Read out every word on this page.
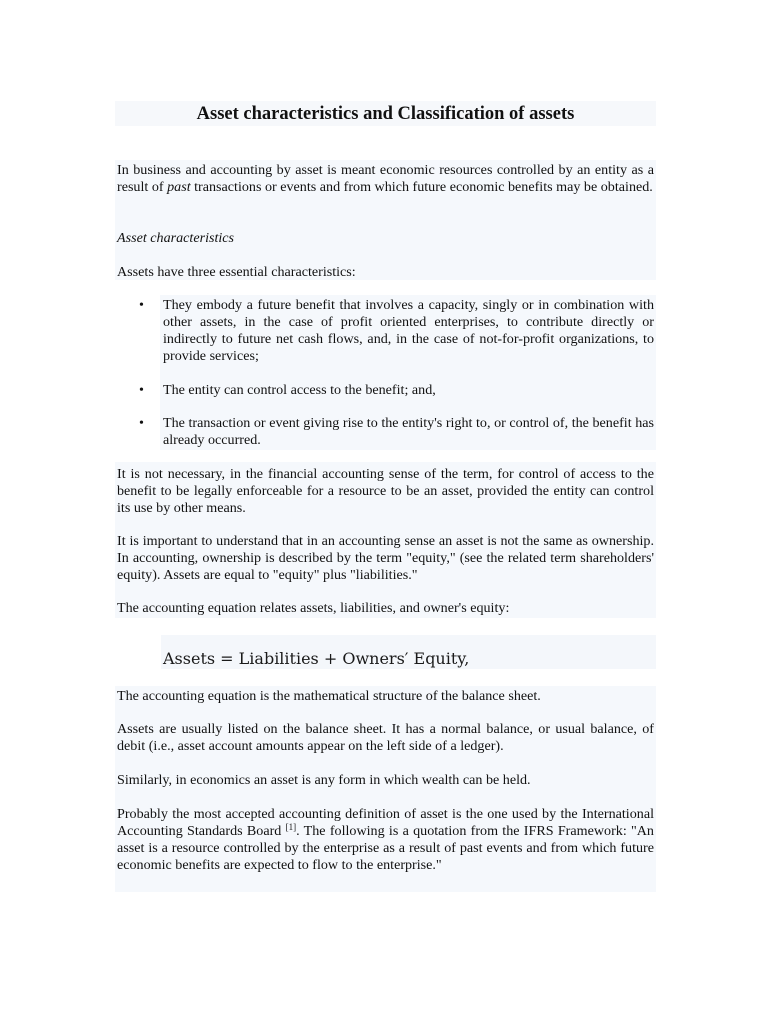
Asset characteristics and Classification of assets

In business and accounting by asset is meant economic resources controlled by an entity as a result of past transactions or events and from which future economic benefits may be obtained.

Asset characteristics

Assets have three essential characteristics:

•	They embody a future benefit that involves a capacity, singly or in combination with other assets, in the case of profit oriented enterprises, to contribute directly or indirectly to future net cash flows, and, in the case of not-for-profit organizations, to provide services;
•	The entity can control access to the benefit; and,
•	The transaction or event giving rise to the entity's right to, or control of, the benefit has already occurred.

It is not necessary, in the financial accounting sense of the term, for control of access to the benefit to be legally enforceable for a resource to be an asset, provided the entity can control its use by other means.

It is important to understand that in an accounting sense an asset is not the same as ownership. In accounting, ownership is described by the term "equity," (see the related term shareholders' equity). Assets are equal to "equity" plus "liabilities."

The accounting equation relates assets, liabilities, and owner's equity:

Assets = Liabilities + Owners′ Equity,

The accounting equation is the mathematical structure of the balance sheet.

Assets are usually listed on the balance sheet. It has a normal balance, or usual balance, of debit (i.e., asset account amounts appear on the left side of a ledger).

Similarly, in economics an asset is any form in which wealth can be held.

Probably the most accepted accounting definition of asset is the one used by the International Accounting Standards Board [1]. The following is a quotation from the IFRS Framework: "An asset is a resource controlled by the enterprise as a result of past events and from which future economic benefits are expected to flow to the enterprise."
